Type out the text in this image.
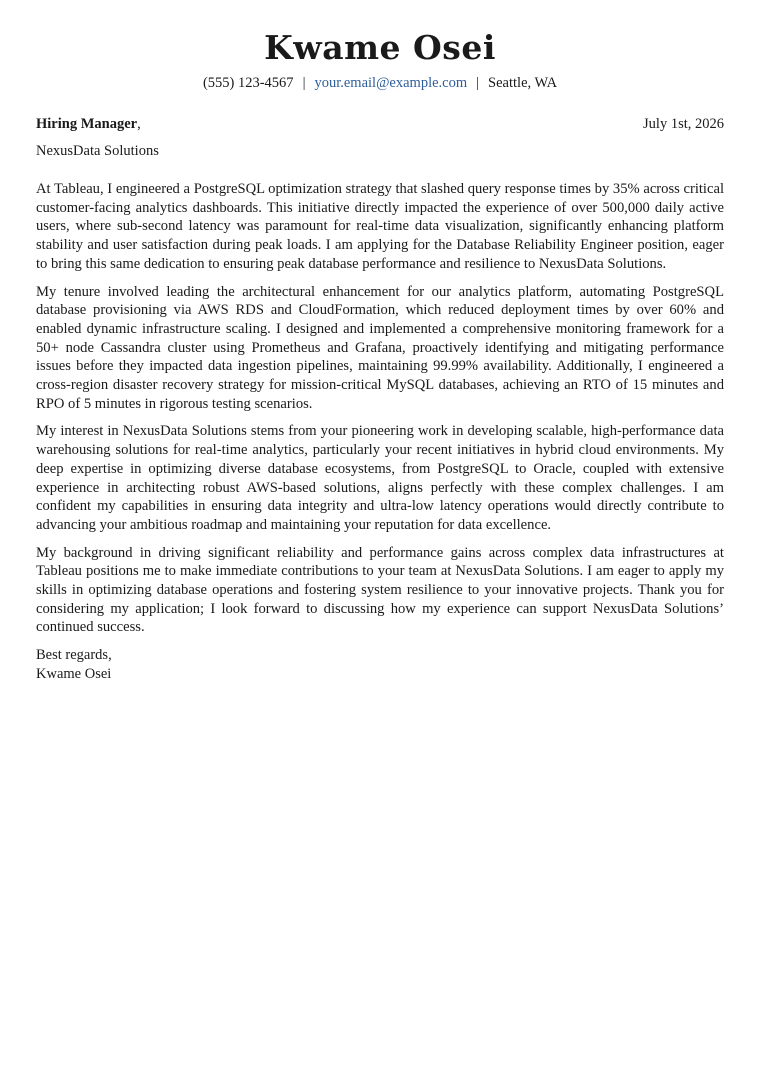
Kwame Osei
(555) 123-4567 | your.email@example.com | Seattle, WA
Hiring Manager,	July 1st, 2026
NexusData Solutions

At Tableau, I engineered a PostgreSQL optimization strategy that slashed query response times by 35% across critical customer-facing analytics dashboards. This initiative directly impacted the experience of over 500,000 daily active users, where sub-second latency was paramount for real-time data visualization, significantly enhancing platform stability and user satisfaction during peak loads. I am applying for the Database Reliability Engineer position, eager to bring this same dedication to ensuring peak database performance and resilience to NexusData Solutions.

My tenure involved leading the architectural enhancement for our analytics platform, automating PostgreSQL database provisioning via AWS RDS and CloudFormation, which reduced deployment times by over 60% and enabled dynamic infrastructure scaling. I designed and implemented a comprehensive monitoring framework for a 50+ node Cassandra cluster using Prometheus and Grafana, proactively identifying and mitigating performance issues before they impacted data ingestion pipelines, maintaining 99.99% availability. Additionally, I engineered a cross-region disaster recovery strategy for mission-critical MySQL databases, achieving an RTO of 15 minutes and RPO of 5 minutes in rigorous testing scenarios.

My interest in NexusData Solutions stems from your pioneering work in developing scalable, high-performance data warehousing solutions for real-time analytics, particularly your recent initiatives in hybrid cloud environments. My deep expertise in optimizing diverse database ecosystems, from PostgreSQL to Oracle, coupled with extensive experience in architecting robust AWS-based solutions, aligns perfectly with these complex challenges. I am confident my capabilities in ensuring data integrity and ultra-low latency operations would directly contribute to advancing your ambitious roadmap and maintaining your reputation for data excellence.

My background in driving significant reliability and performance gains across complex data infrastructures at Tableau positions me to make immediate contributions to your team at NexusData Solutions. I am eager to apply my skills in optimizing database operations and fostering system resilience to your innovative projects. Thank you for considering my application; I look forward to discussing how my experience can support NexusData Solutions’ continued success.

Best regards,
Kwame Osei
